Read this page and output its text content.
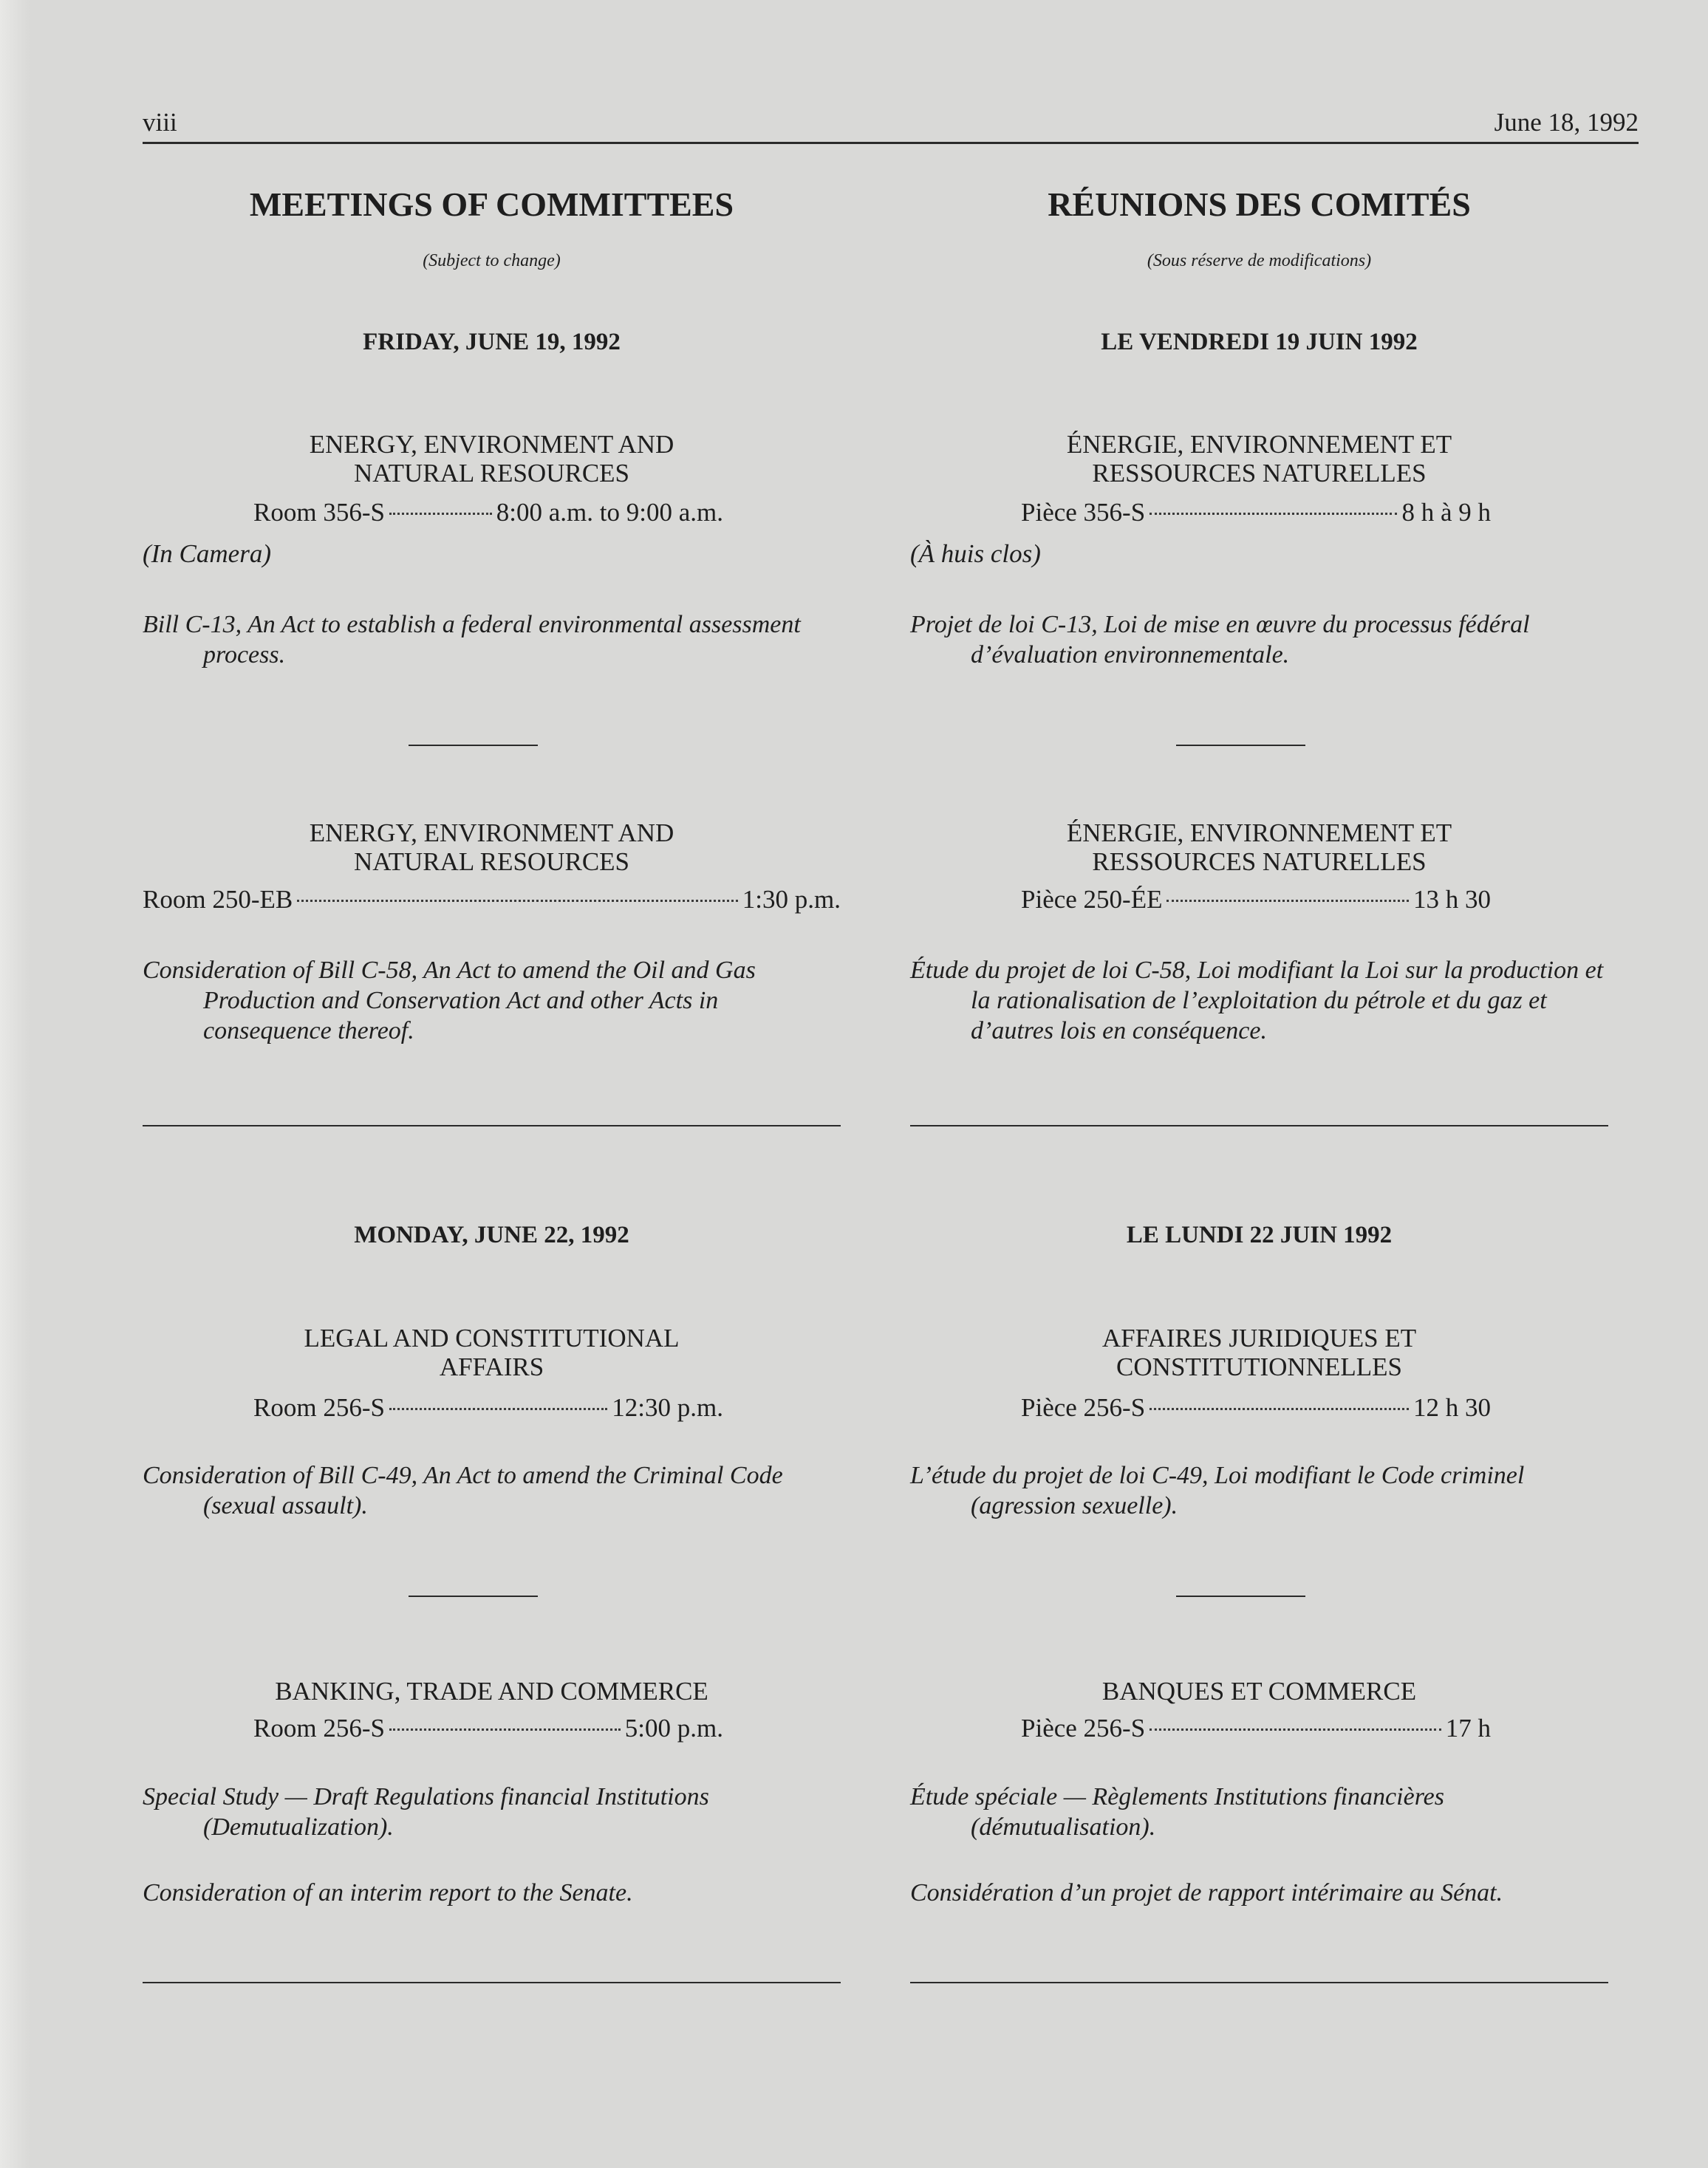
viii	June 18, 1992
MEETINGS OF COMMITTEES
(Subject to change)
FRIDAY, JUNE 19, 1992
ENERGY, ENVIRONMENT AND
NATURAL RESOURCES
Room 356-S	8:00 a.m. to 9:00 a.m.
(In Camera)
Bill C-13, An Act to establish a federal environmental assessment process.
ENERGY, ENVIRONMENT AND
NATURAL RESOURCES
Room 250-EB	1:30 p.m.
Consideration of Bill C-58, An Act to amend the Oil and Gas Production and Conservation Act and other Acts in consequence thereof.
MONDAY, JUNE 22, 1992
LEGAL AND CONSTITUTIONAL
AFFAIRS
Room 256-S	12:30 p.m.
Consideration of Bill C-49, An Act to amend the Criminal Code (sexual assault).
BANKING, TRADE AND COMMERCE
Room 256-S	5:00 p.m.
Special Study — Draft Regulations financial Institutions (Demutualization).
Consideration of an interim report to the Senate.
RÉUNIONS DES COMITÉS
(Sous réserve de modifications)
LE VENDREDI 19 JUIN 1992
ÉNERGIE, ENVIRONNEMENT ET
RESSOURCES NATURELLES
Pièce 356-S	8 h à 9 h
(À huis clos)
Projet de loi C-13, Loi de mise en œuvre du processus fédéral d’évaluation environnementale.
ÉNERGIE, ENVIRONNEMENT ET
RESSOURCES NATURELLES
Pièce 250-ÉE	13 h 30
Étude du projet de loi C-58, Loi modifiant la Loi sur la production et la rationalisation de l’exploitation du pétrole et du gaz et d’autres lois en conséquence.
LE LUNDI 22 JUIN 1992
AFFAIRES JURIDIQUES ET
CONSTITUTIONNELLES
Pièce 256-S	12 h 30
L’étude du projet de loi C-49, Loi modifiant le Code criminel (agression sexuelle).
BANQUES ET COMMERCE
Pièce 256-S	17 h
Étude spéciale — Règlements Institutions financières (démutualisation).
Considération d’un projet de rapport intérimaire au Sénat.
